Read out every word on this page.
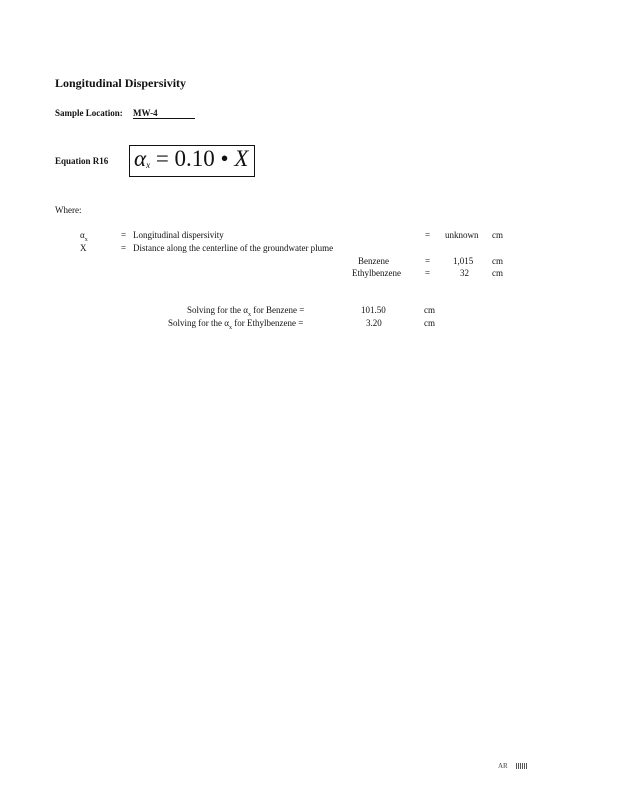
Longitudinal Dispersivity
Sample Location: MW-4
Equation R16 $\alpha_x = 0.10$ • X
Where:
$\alpha_x$	= Longitudinal dispersivity	= unknown cm
X	= Distance along the centerline of the groundwater plume
Benzene	=	1,015 cm
Ethylbenzene	=	32	cm
Solving for the $\alpha_x$ for Benzene =	101.50	cm
Solving for the $\alpha_x$ for Ethylbenzene =	3.20	cm
AR
